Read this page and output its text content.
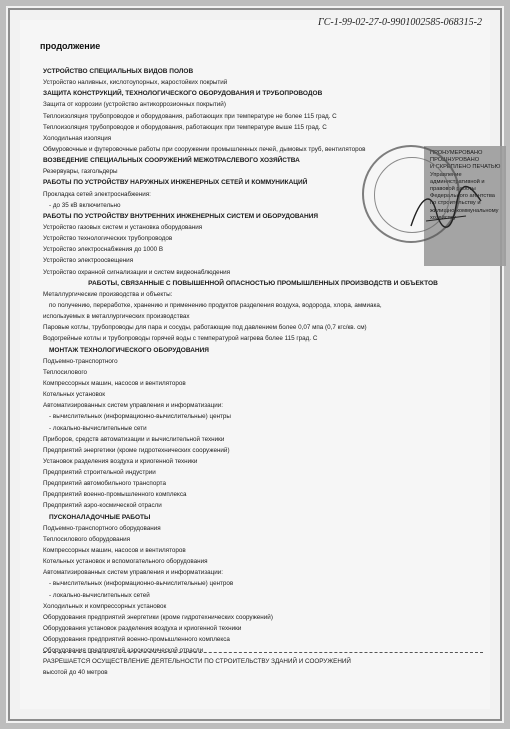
ГС-1-99-02-27-0-9901002585-068315-2
продолжение
УСТРОЙСТВО СПЕЦИАЛЬНЫХ ВИДОВ ПОЛОВ
Устройство наливных, кислотоупорных, жаростойких покрытий
ЗАЩИТА КОНСТРУКЦИЙ, ТЕХНОЛОГИЧЕСКОГО ОБОРУДОВАНИЯ И ТРУБОПРОВОДОВ
Защита от коррозии (устройство антикоррозионных покрытий)
Теплоизоляция трубопроводов и оборудования, работающих при температуре не более 115 град. С
Теплоизоляция трубопроводов и оборудования, работающих при температуре выше 115 град. С
Холодильная изоляция
Обмуровочные и футеровочные работы при сооружении промышленных печей, дымовых труб, вентиляторов
ВОЗВЕДЕНИЕ СПЕЦИАЛЬНЫХ СООРУЖЕНИЙ МЕЖОТРАСЛЕВОГО ХОЗЯЙСТВА
Резервуары, газгольдеры
РАБОТЫ ПО УСТРОЙСТВУ НАРУЖНЫХ ИНЖЕНЕРНЫХ СЕТЕЙ И КОММУНИКАЦИЙ
Прокладка сетей электроснабжения:
- до 35 кВ включительно
РАБОТЫ ПО УСТРОЙСТВУ ВНУТРЕННИХ ИНЖЕНЕРНЫХ СИСТЕМ И ОБОРУДОВАНИЯ
Устройство газовых систем и установка оборудования
Устройство технологических трубопроводов
Устройство электроснабжения до 1000 В
Устройство электроосвещения
Устройство охранной сигнализации и систем видеонаблюдения
РАБОТЫ, СВЯЗАННЫЕ С ПОВЫШЕННОЙ ОПАСНОСТЬЮ ПРОМЫШЛЕННЫХ ПРОИЗВОДСТВ И ОБЪЕКТОВ
Металлургические производства и объекты:
по получению, переработке, хранению и применению продуктов разделения воздуха, водорода, хлора, аммиака,
используемых в металлургических производствах
Паровые котлы, трубопроводы для пара и сосуды, работающие под давлением более 0,07 мпа (0,7 кгс/кв. см)
Водогрейные котлы и трубопроводы горячей воды с температурой нагрева более 115 град. С
МОНТАЖ ТЕХНОЛОГИЧЕСКОГО ОБОРУДОВАНИЯ
Подъемно-транспортного
Теплосилового
Компрессорных машин, насосов и вентиляторов
Котельных установок
Автоматизированных систем управления и информатизации:
- вычислительных (информационно-вычислительные) центры
- локально-вычислительные сети
Приборов, средств автоматизации и вычислительной техники
Предприятий энергетики (кроме гидротехнических сооружений)
Установок разделения воздуха и криогенной техники
Предприятий строительной индустрии
Предприятий автомобильного транспорта
Предприятий военно-промышленного комплекса
Предприятий аэро-космической отрасли
ПУСКОНАЛАДОЧНЫЕ РАБОТЫ
Подъемно-транспортного оборудования
Теплосилового оборудования
Компрессорных машин, насосов и вентиляторов
Котельных установок и вспомогательного оборудования
Автоматизированных систем управления и информатизации:
- вычислительных (информационно-вычислительные) центров
- локально-вычислительных сетей
Холодильных и компрессорных установок
Оборудования предприятий энергетики (кроме гидротехнических сооружений)
Оборудования установок разделения воздуха и криогенной техники
Оборудования предприятий военно-промышленного комплекса
Оборудования предприятий аэрокосмической отрасли
РАЗРЕШАЕТСЯ ОСУЩЕСТВЛЕНИЕ ДЕЯТЕЛЬНОСТИ ПО СТРОИТЕЛЬСТВУ ЗДАНИЙ И СООРУЖЕНИЙ
высотой до 40 метров
ПРОНУМЕРОВАНО
ПРОШНУРОВАНО
И СКРЕПЛЕНО ПЕЧАТЬЮ
Управление административной и правовой работы
Федерального агентства
по строительству и
жилищно-коммунальному хозяйству
